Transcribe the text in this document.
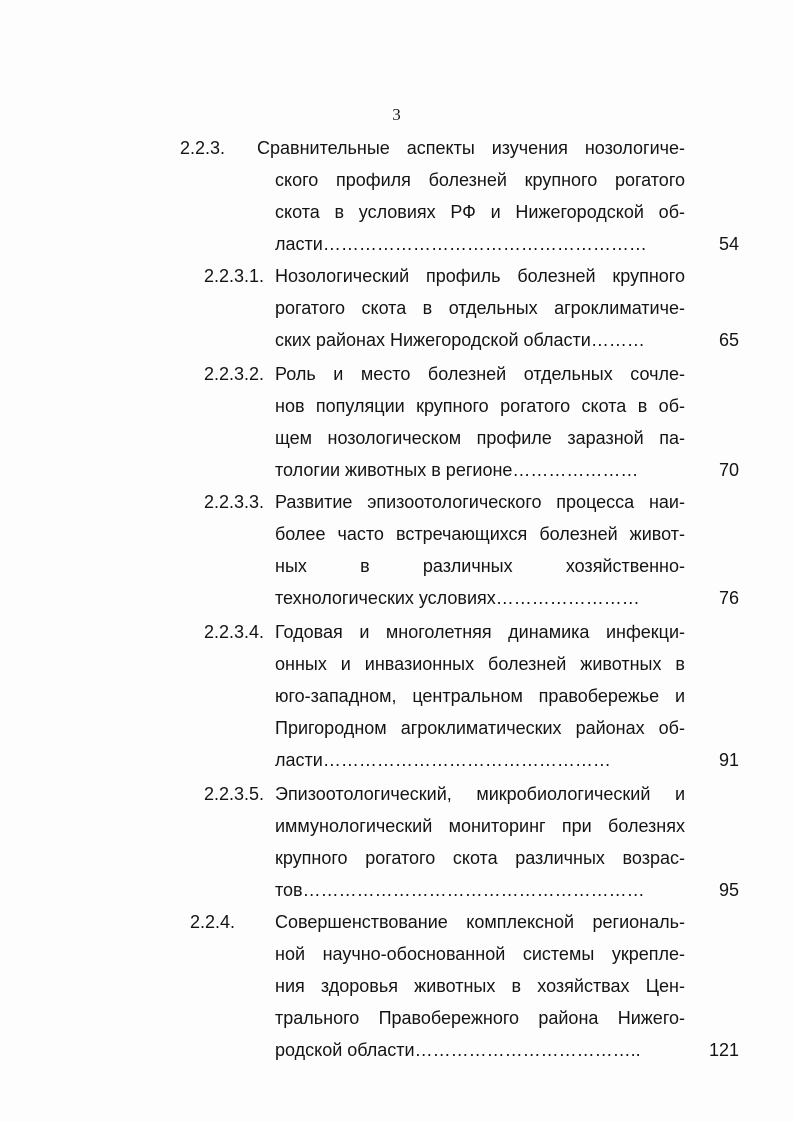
3
2.2.3. Сравнительные аспекты изучения нозологиче-
ского профиля болезней крупного рогатого
скота в условиях РФ и Нижегородской об-
ласти………………………………………………	54
2.2.3.1. Нозологический профиль болезней крупного
рогатого скота в отдельных агроклиматиче-
ских районах Нижегородской области………	65
2.2.3.2. Роль и место болезней отдельных сочле-
нов популяции крупного рогатого скота в об-
щем нозологическом профиле заразной па-
тологии животных в регионе…………………	70
2.2.3.3. Развитие эпизоотологического процесса наи-
более часто встречающихся болезней живот-
ных в различных хозяйственно-
технологических условиях……………………	76
2.2.3.4. Годовая и многолетняя динамика инфекци-
онных и инвазионных болезней животных в
юго-западном, центральном правобережье и
Пригородном агроклиматических районах об-
ласти…………………………………………	91
2.2.3.5. Эпизоотологический, микробиологический и
иммунологический мониторинг при болезнях
крупного рогатого скота различных возрас-
тов…………………………………………………	95
2.2.4. Совершенствование комплексной региональ-
ной научно-обоснованной системы укрепле-
ния здоровья животных в хозяйствах Цен-
трального Правобережного района Нижего-
родской области………………………………..	121
